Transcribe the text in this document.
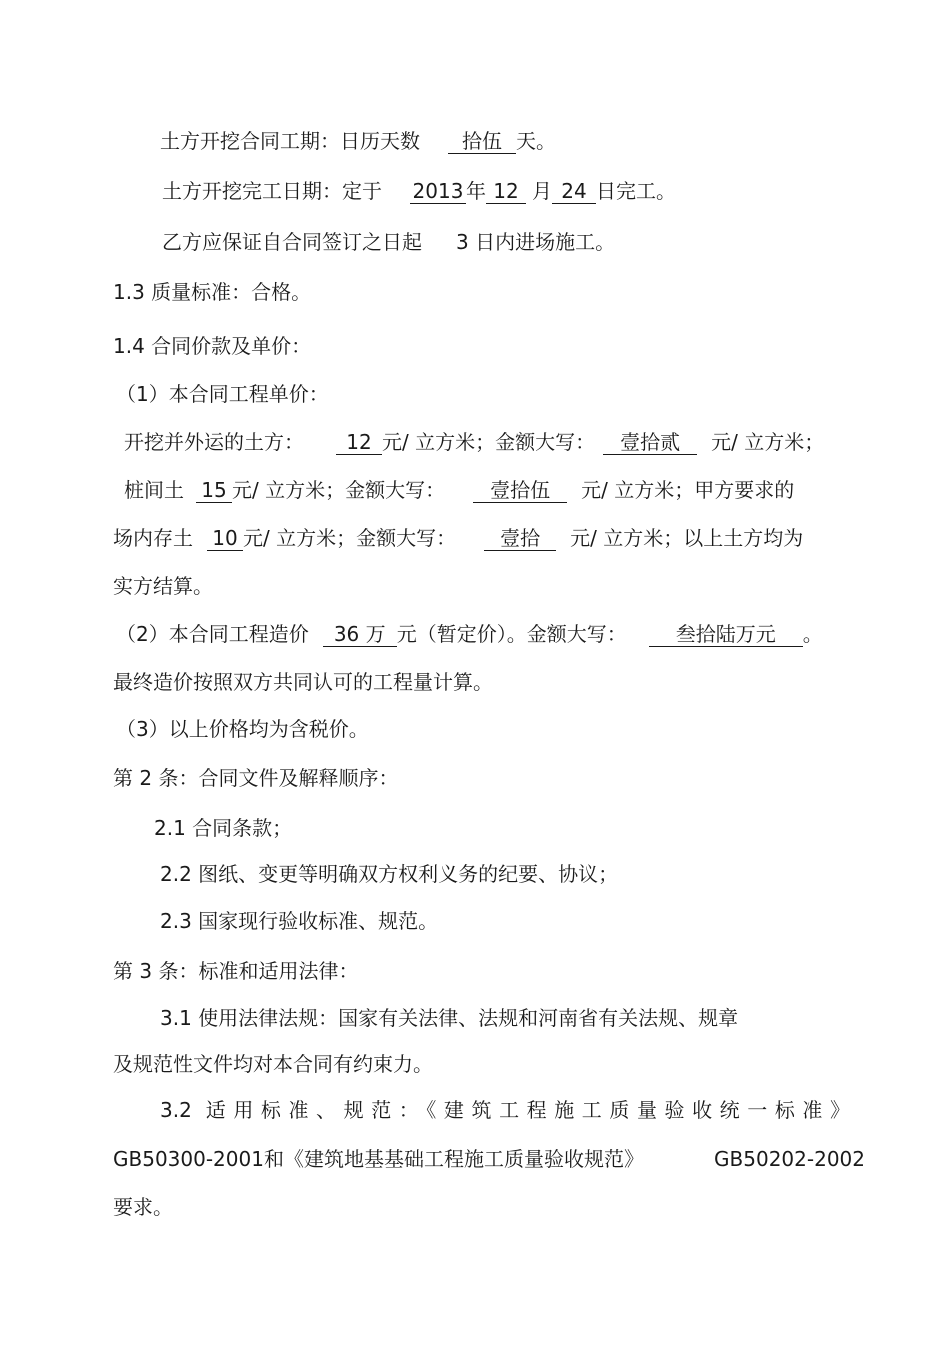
土方开挖合同工期：日历天数 拾伍 天。
土方开挖完工日期：定于 2013 年 12 月 24 日完工。
乙方应保证自合同签订之日起 3 日内进场施工。
1.3 质量标准：合格。
1.4 合同价款及单价：
（1）本合同工程单价：
开挖并外运的土方： 12 元/ 立方米；金额大写： 壹拾贰 元/ 立方米；
桩间土 15 元/ 立方米；金额大写： 壹拾伍 元/ 立方米；甲方要求的
场内存土 10 元/ 立方米；金额大写： 壹拾 元/ 立方米；以上土方均为
实方结算。
（2）本合同工程造价 36 万 元（暂定价）。金额大写： 叁拾陆万元 。
最终造价按照双方共同认可的工程量计算。
（3）以上价格均为含税价。
第 2 条：合同文件及解释顺序：
2.1 合同条款；
2.2 图纸、变更等明确双方权利义务的纪要、协议；
2.3 国家现行验收标准、规范。
第 3 条：标准和适用法律：
3.1 使用法律法规：国家有关法律、法规和河南省有关法规、规章
及规范性文件均对本合同有约束力。
3.2 适用标准、规范：《建筑工程施工质量验收统一标准》
GB50300-2001和《建筑地基基础工程施工质量验收规范》	GB50202-2002
要求。
